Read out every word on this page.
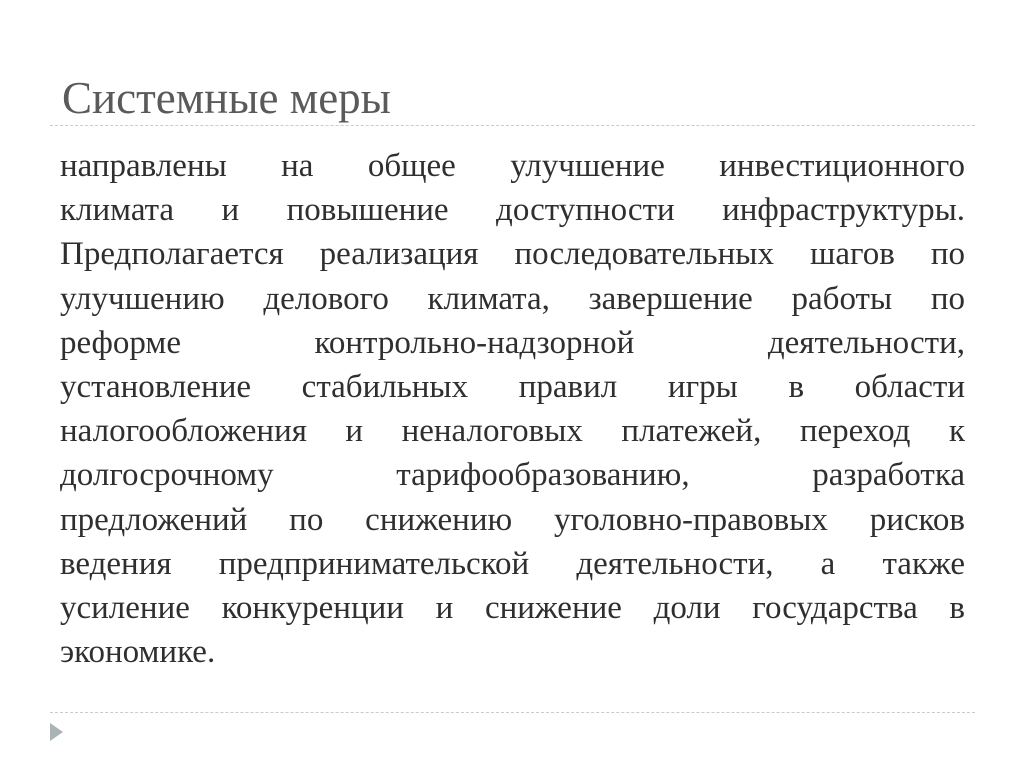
Системные меры
направлены на общее улучшение инвестиционного
климата и повышение доступности инфраструктуры.
Предполагается реализация последовательных шагов по
улучшению делового климата, завершение работы по
реформе контрольно-надзорной деятельности,
установление стабильных правил игры в области
налогообложения и неналоговых платежей, переход к
долгосрочному тарифообразованию, разработка
предложений по снижению уголовно-правовых рисков
ведения предпринимательской деятельности, а также
усиление конкуренции и снижение доли государства в
экономике.
